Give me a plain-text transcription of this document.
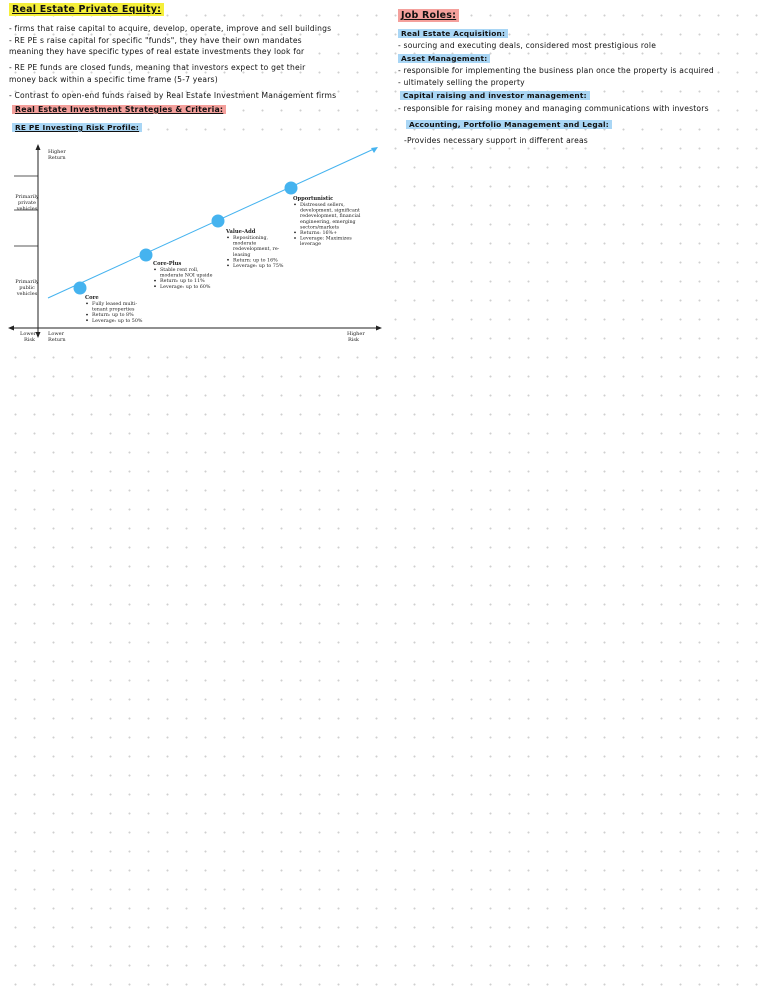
Real Estate Private Equity:
- firms that raise capital to acquire, develop, operate, improve and sell buildings
- RE PE s raise capital for specific "funds", they have their own mandates
meaning they have specific types of real estate investments they look for
- RE PE funds are closed funds, meaning that investors expect to get their
money back within a specific time frame (5-7 years)
- Contrast to open-end funds raised by Real Estate Investment Management firms
Real Estate Investment Strategies & Criteria:
RE PE Investing Risk Profile:
Higher
Return
Lower
Risk
Lower
Return
Higher
Risk
Primarily
private
vehicles
Primarily
public
vehicles
Core
Fully leased multi-
tenant properties
Return: up to 8%
Leverage: up to 50%
Core-Plus
Stable rent roll,
moderate NOI upside
Return: up to 11%
Leverage: up to 60%
Value-Add
Repositioning,
moderate
redevelopment, re-
leasing
Return: up to 16%
Leverage: up to 75%
Opportunistic
Distressed sellers,
development, significant
redevelopment, financial
engineering, emerging
sectors/markets
Returns: 16%+
Leverage: Maximizes
leverage
Job Roles:
Real Estate Acquisition:
- sourcing and executing deals, considered most prestigious role
Asset Management:
- responsible for implementing the business plan once the property is acquired
- ultimately selling the property
Capital raising and investor management:
- responsible for raising money and managing communications with investors
Accounting, Portfolio Management and Legal:
-Provides necessary support in different areas
